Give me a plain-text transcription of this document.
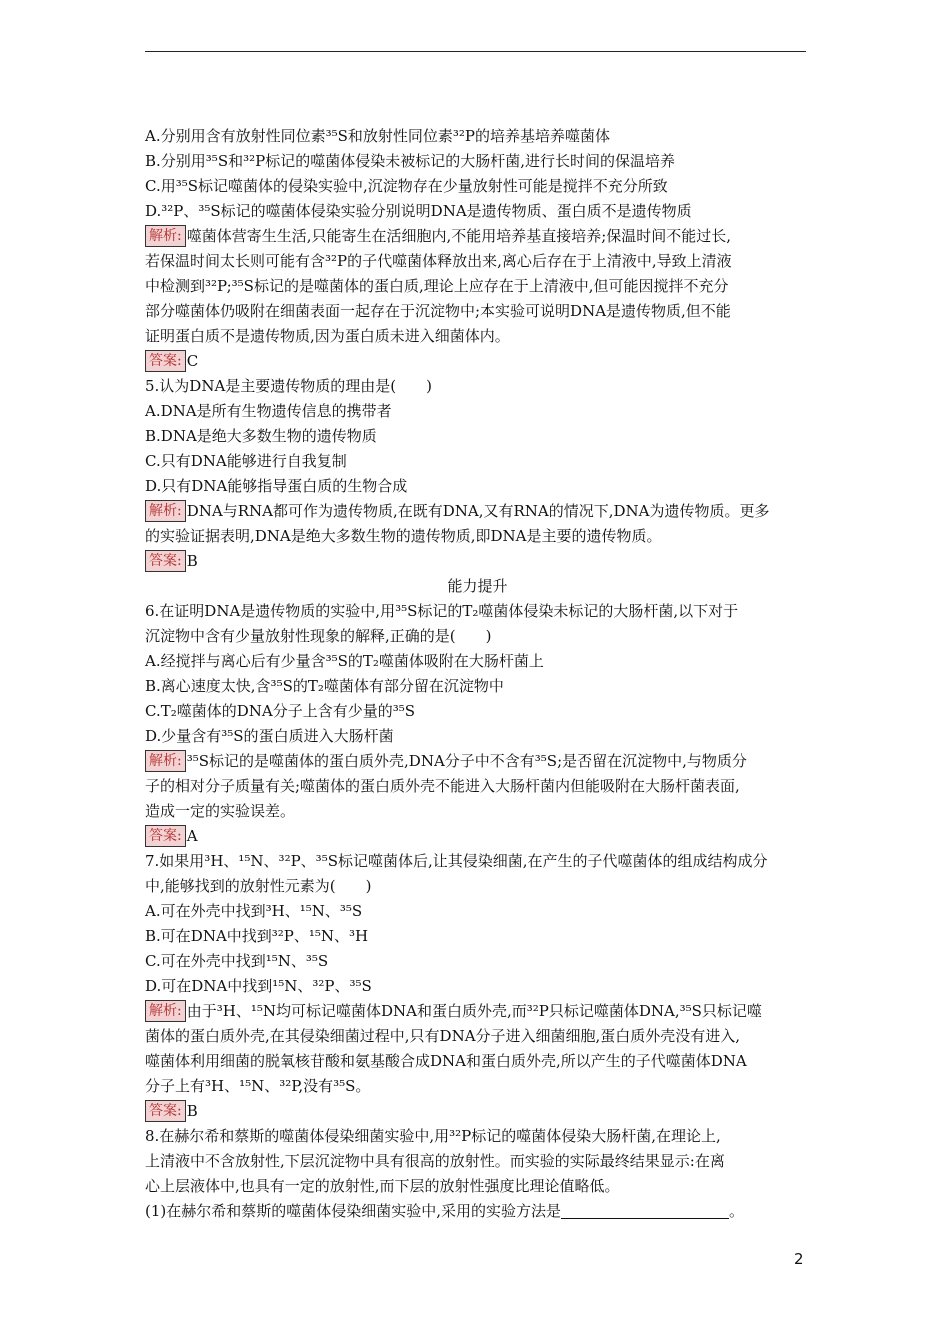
A.分别用含有放射性同位素³⁵S和放射性同位素³²P的培养基培养噬菌体
B.分别用³⁵S和³²P标记的噬菌体侵染未被标记的大肠杆菌,进行长时间的保温培养
C.用³⁵S标记噬菌体的侵染实验中,沉淀物存在少量放射性可能是搅拌不充分所致
D.³²P、³⁵S标记的噬菌体侵染实验分别说明DNA是遗传物质、蛋白质不是遗传物质
解析: 噬菌体营寄生生活,只能寄生在活细胞内,不能用培养基直接培养;保温时间不能过长,
若保温时间太长则可能有含³²P的子代噬菌体释放出来,离心后存在于上清液中,导致上清液
中检测到³²P;³⁵S标记的是噬菌体的蛋白质,理论上应存在于上清液中,但可能因搅拌不充分
部分噬菌体仍吸附在细菌表面一起存在于沉淀物中;本实验可说明DNA是遗传物质,但不能
证明蛋白质不是遗传物质,因为蛋白质未进入细菌体内。
答案: C
5.认为DNA是主要遗传物质的理由是(　　)
A.DNA是所有生物遗传信息的携带者
B.DNA是绝大多数生物的遗传物质
C.只有DNA能够进行自我复制
D.只有DNA能够指导蛋白质的生物合成
解析: DNA与RNA都可作为遗传物质,在既有DNA,又有RNA的情况下,DNA为遗传物质。更多
的实验证据表明,DNA是绝大多数生物的遗传物质,即DNA是主要的遗传物质。
答案: B
能力提升
6.在证明DNA是遗传物质的实验中,用³⁵S标记的T₂噬菌体侵染未标记的大肠杆菌,以下对于
沉淀物中含有少量放射性现象的解释,正确的是(　　)
A.经搅拌与离心后有少量含³⁵S的T₂噬菌体吸附在大肠杆菌上
B.离心速度太快,含³⁵S的T₂噬菌体有部分留在沉淀物中
C.T₂噬菌体的DNA分子上含有少量的³⁵S
D.少量含有³⁵S的蛋白质进入大肠杆菌
解析: ³⁵S标记的是噬菌体的蛋白质外壳,DNA分子中不含有³⁵S;是否留在沉淀物中,与物质分
子的相对分子质量有关;噬菌体的蛋白质外壳不能进入大肠杆菌内但能吸附在大肠杆菌表面,
造成一定的实验误差。
答案: A
7.如果用³H、¹⁵N、³²P、³⁵S标记噬菌体后,让其侵染细菌,在产生的子代噬菌体的组成结构成分
中,能够找到的放射性元素为(　　)
A.可在外壳中找到³H、¹⁵N、³⁵S
B.可在DNA中找到³²P、¹⁵N、³H
C.可在外壳中找到¹⁵N、³⁵S
D.可在DNA中找到¹⁵N、³²P、³⁵S
解析: 由于³H、¹⁵N均可标记噬菌体DNA和蛋白质外壳,而³²P只标记噬菌体DNA,³⁵S只标记噬
菌体的蛋白质外壳,在其侵染细菌过程中,只有DNA分子进入细菌细胞,蛋白质外壳没有进入,
噬菌体利用细菌的脱氧核苷酸和氨基酸合成DNA和蛋白质外壳,所以产生的子代噬菌体DNA
分子上有³H、¹⁵N、³²P,没有³⁵S。
答案: B
8.在赫尔希和蔡斯的噬菌体侵染细菌实验中,用³²P标记的噬菌体侵染大肠杆菌,在理论上,
上清液中不含放射性,下层沉淀物中具有很高的放射性。而实验的实际最终结果显示:在离
心上层液体中,也具有一定的放射性,而下层的放射性强度比理论值略低。
(1)在赫尔希和蔡斯的噬菌体侵染细菌实验中,采用的实验方法是	。
2
